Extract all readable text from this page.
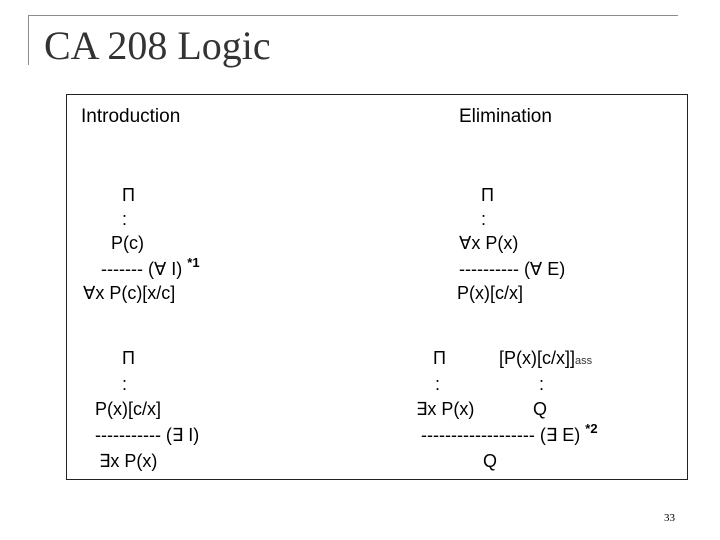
CA 208 Logic
Introduction	Elimination
Π
:
P(c)
------- (∀ I) $^{*1}$
∀x P(c)[x/c]
Π
:
∀x P(x)
---------- (∀ E)
P(x)[c/x]
Π
:
P(x)[c/x]
----------- (∃ I)
∃x P(x)
Π	[P(x)[c/x]]ass
:	:
∃x P(x)	Q
------------------- (∃ E) $^{*2}$
Q
33
